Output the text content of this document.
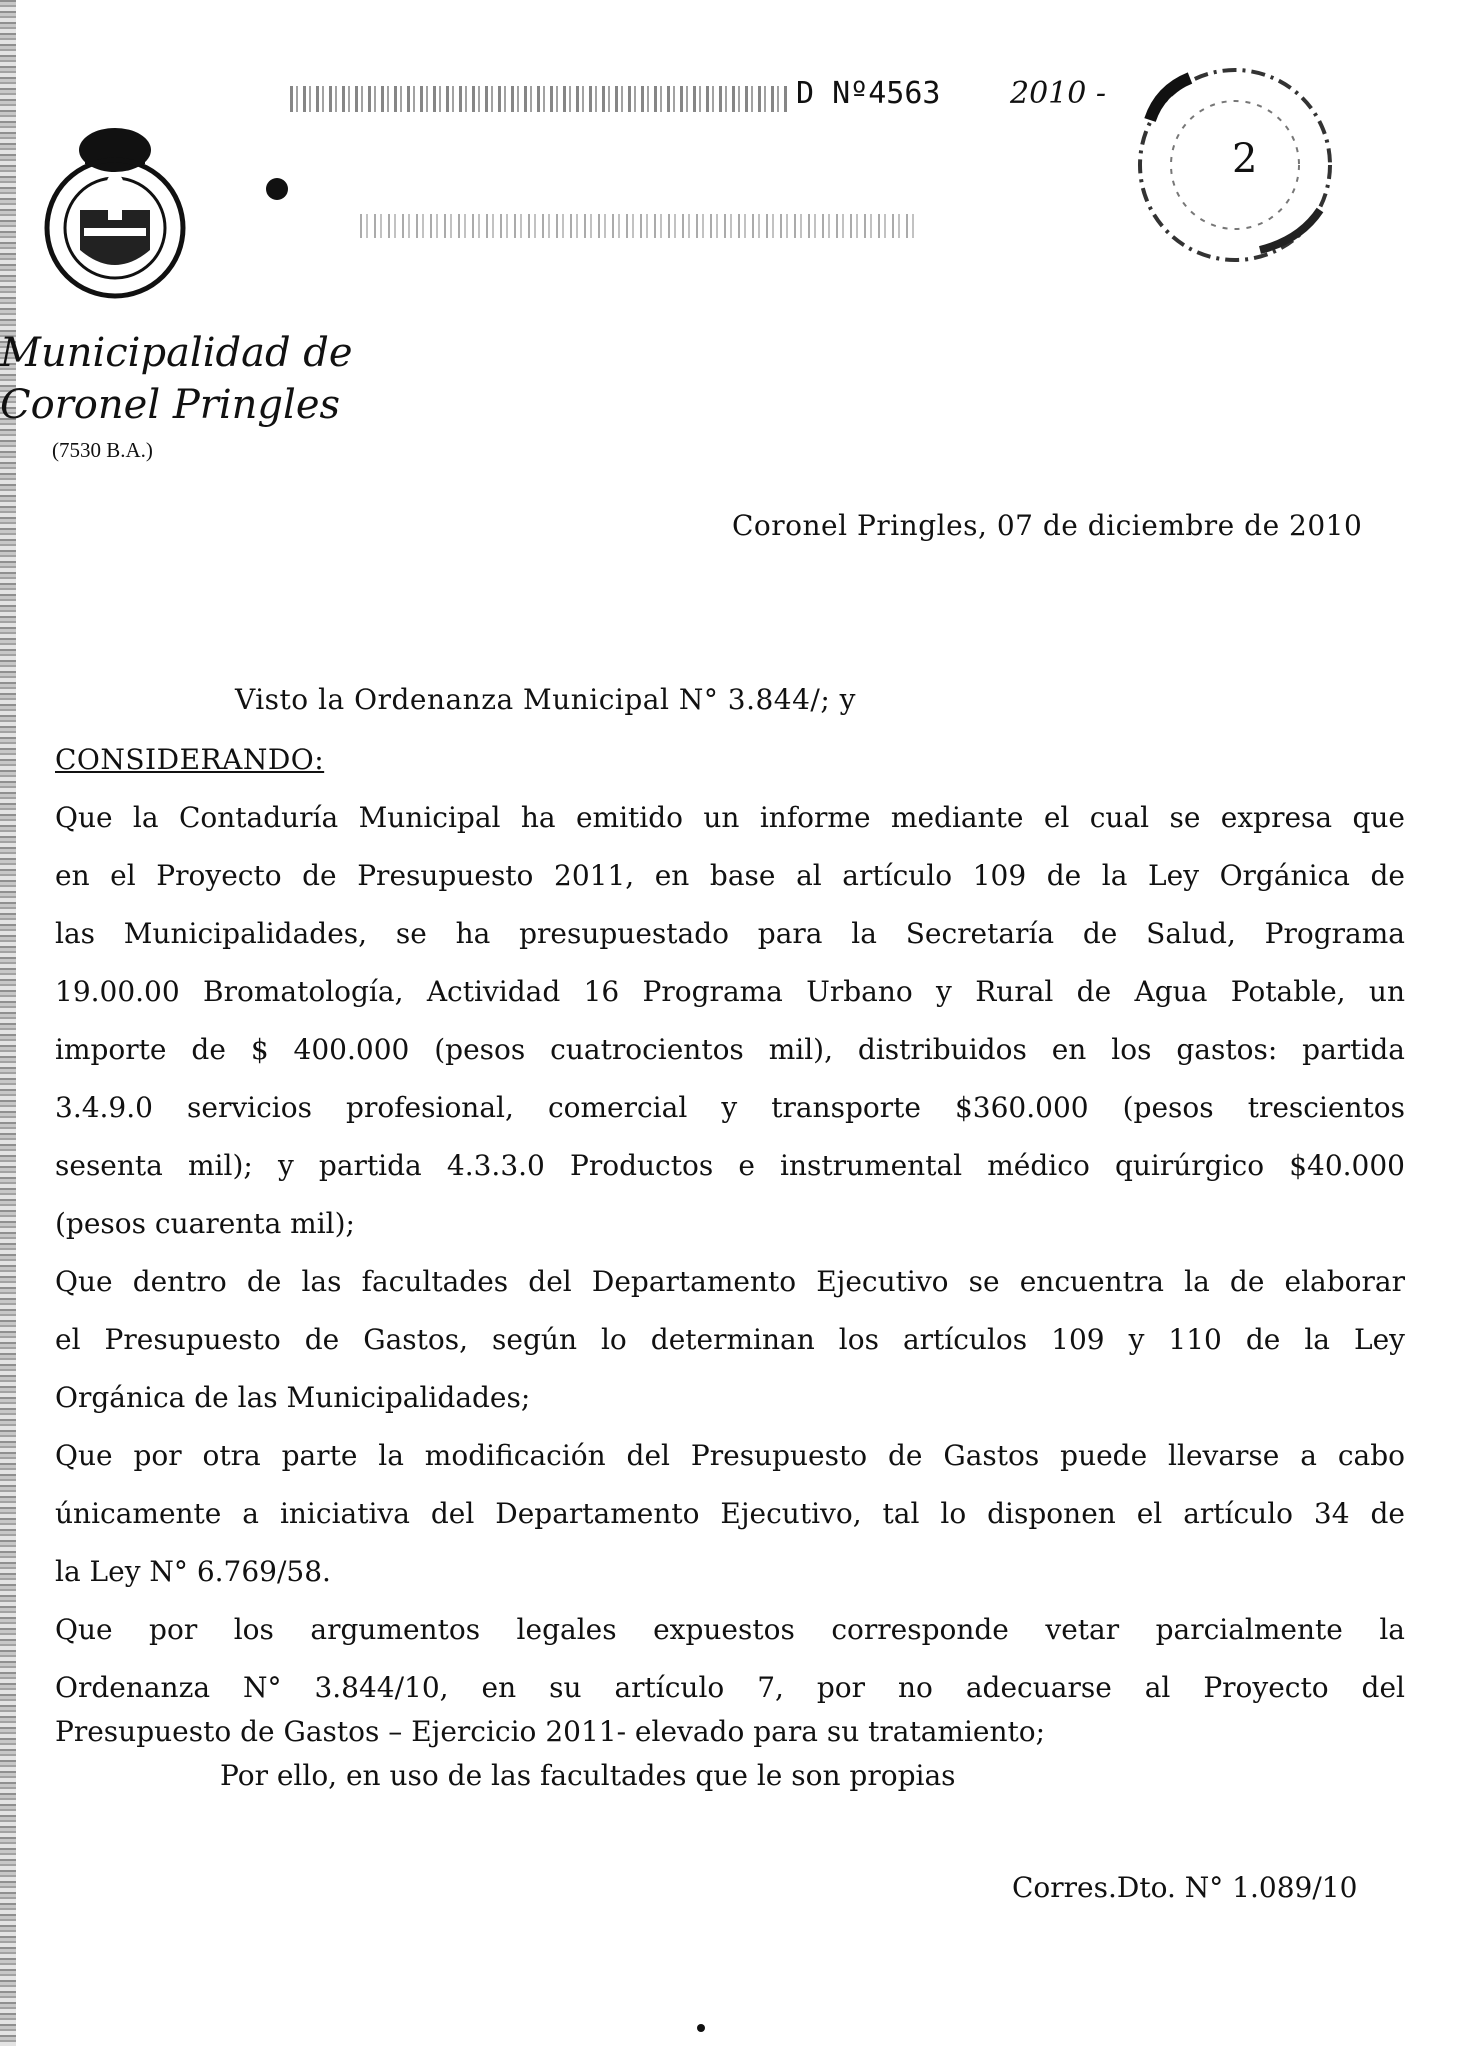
Municipalidad de
Coronel Pringles
(7530 B.A.)
D Nº4563 2010 -
2
Coronel Pringles, 07 de diciembre de 2010
Visto la Ordenanza Municipal N° 3.844/; y
CONSIDERANDO:
Que la Contaduría Municipal ha emitido un informe mediante el cual se expresa que
en el Proyecto de Presupuesto 2011, en base al artículo 109 de la Ley Orgánica de
las Municipalidades, se ha presupuestado para la Secretaría de Salud, Programa
19.00.00 Bromatología, Actividad 16 Programa Urbano y Rural de Agua Potable, un
importe de $ 400.000 (pesos cuatrocientos mil), distribuidos en los gastos: partida
3.4.9.0 servicios profesional, comercial y transporte $360.000 (pesos trescientos
sesenta mil); y partida 4.3.3.0 Productos e instrumental médico quirúrgico $40.000
(pesos cuarenta mil);
Que dentro de las facultades del Departamento Ejecutivo se encuentra la de elaborar
el Presupuesto de Gastos, según lo determinan los artículos 109 y 110 de la Ley
Orgánica de las Municipalidades;
Que por otra parte la modificación del Presupuesto de Gastos puede llevarse a cabo
únicamente a iniciativa del Departamento Ejecutivo, tal lo disponen el artículo 34 de
la Ley N° 6.769/58.
Que por los argumentos legales expuestos corresponde vetar parcialmente la
Ordenanza N° 3.844/10, en su artículo 7, por no adecuarse al Proyecto del
Presupuesto de Gastos – Ejercicio 2011- elevado para su tratamiento;
Por ello, en uso de las facultades que le son propias
Corres.Dto. N° 1.089/10
